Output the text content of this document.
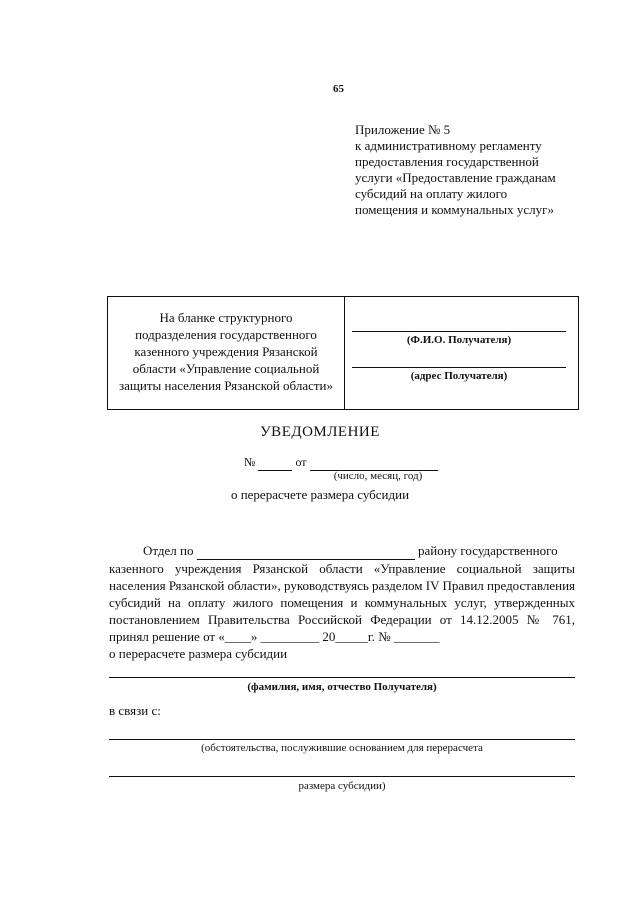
65
Приложение № 5
к административному регламенту
предоставления государственной
услуги «Предоставление гражданам
субсидий на оплату жилого
помещения и коммунальных услуг»
На бланке структурного
подразделения государственного
казенного учреждения Рязанской
области «Управление социальной
защиты населения Рязанской области»
(Ф.И.О. Получателя)
(адрес Получателя)
УВЕДОМЛЕНИЕ
№	от
(число, месяц, год)
о перерасчете размера субсидии

Отдел по	району государственного

казенного учреждения Рязанской области «Управление социальной защиты населения Рязанской области», руководствуясь разделом IV Правил предоставления субсидий на оплату жилого помещения и коммунальных услуг, утвержденных постановлением Правительства Российской Федерации от 14.12.2005 № 761, принял решение от «____» _________ 20_____г. № _______

о перерасчете размера субсидии

(фамилия, имя, отчество Получателя)
в связи с:
(обстоятельства, послужившие основанием для перерасчета
размера субсидии)
